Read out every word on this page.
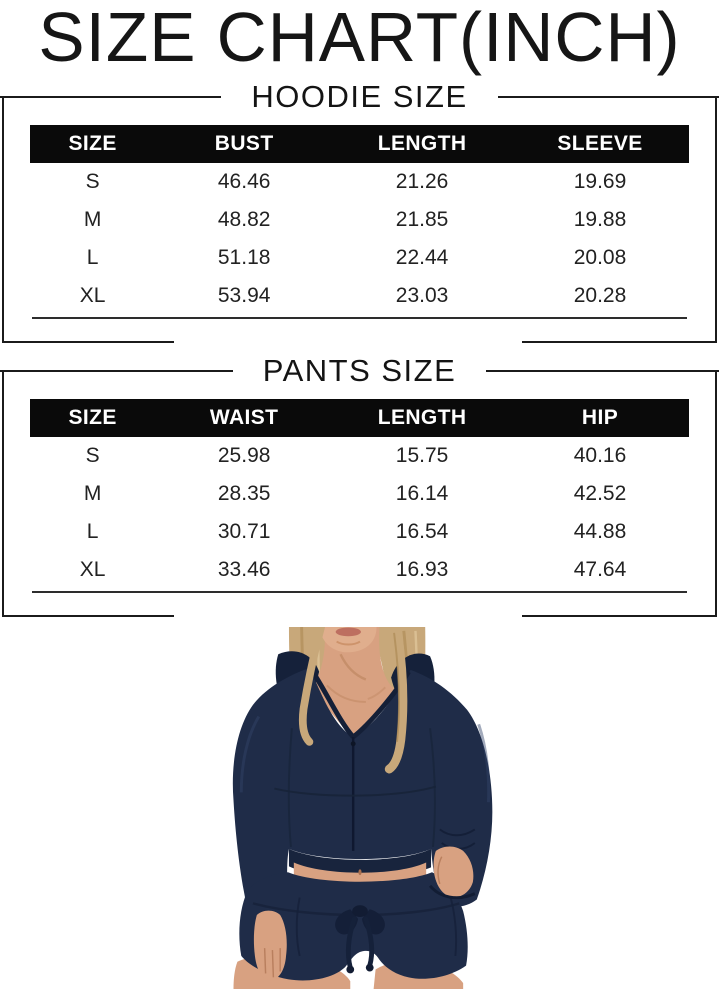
SIZE CHART(INCH)
HOODIE SIZE
SIZE	BUST	LENGTH	SLEEVE
S	46.46	21.26	19.69
M	48.82	21.85	19.88
L	51.18	22.44	20.08
XL	53.94	23.03	20.28
PANTS SIZE
SIZE	WAIST	LENGTH	HIP
S	25.98	15.75	40.16
M	28.35	16.14	42.52
L	30.71	16.54	44.88
XL	33.46	16.93	47.64
